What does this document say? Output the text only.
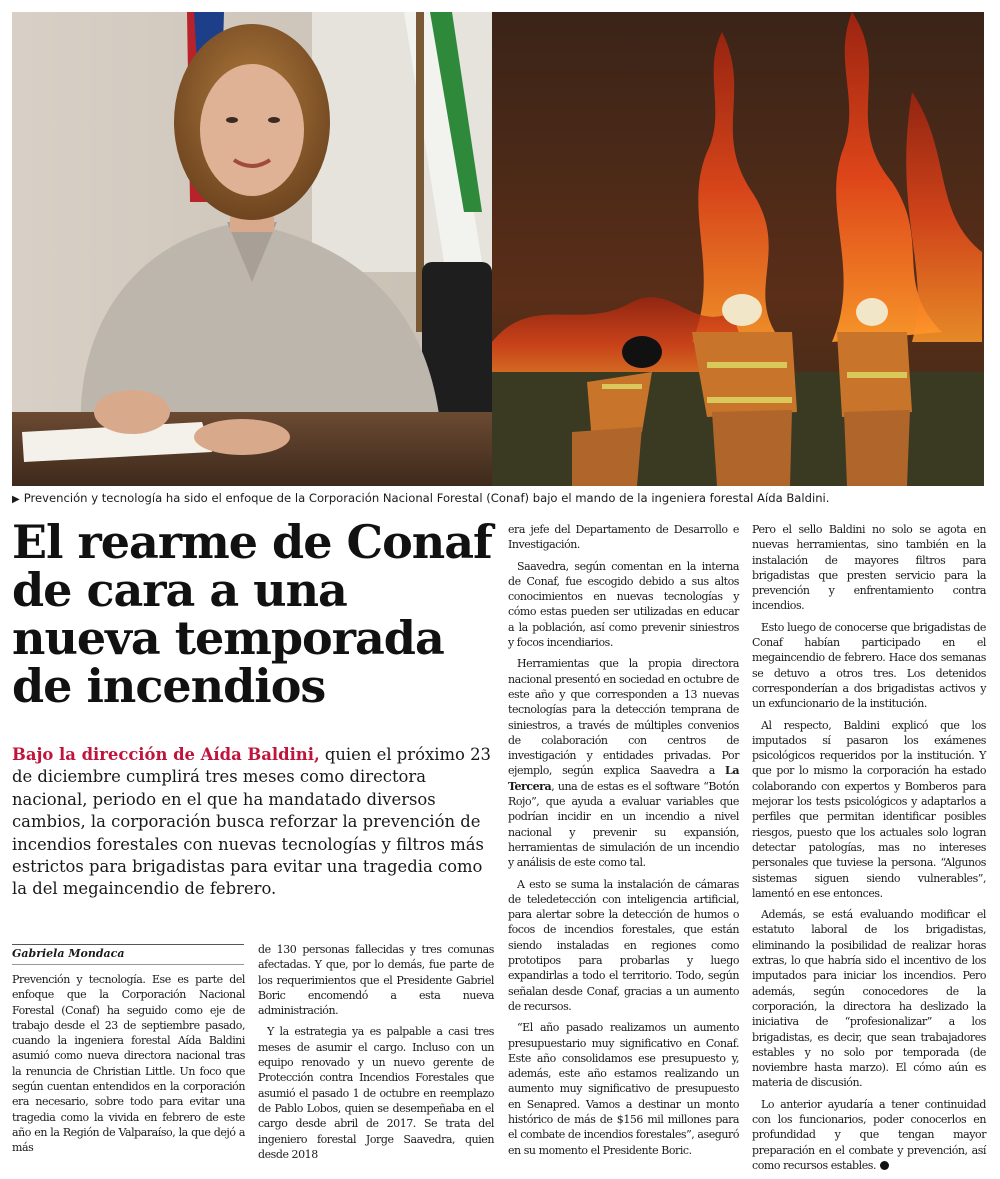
▶ Prevención y tecnología ha sido el enfoque de la Corporación Nacional Forestal (Conaf) bajo el mando de la ingeniera forestal Aída Baldini.
El rearme de Conaf
de cara a una
nueva temporada
de incendios

Bajo la dirección de Aída Baldini, quien el próximo 23 de diciembre cumplirá tres meses como directora nacional, periodo en el que ha mandatado diversos cambios, la corporación busca reforzar la prevención de incendios forestales con nuevas tecnologías y filtros más estrictos para brigadistas para evitar una tragedia como la del megaincendio de febrero.

Gabriela Mondaca

Prevención y tecnología. Ese es parte del enfoque que la Corporación Nacional Forestal (Conaf) ha seguido como eje de trabajo desde el 23 de septiembre pasado, cuando la ingeniera forestal Aída Baldini asumió como nueva directora nacional tras la renuncia de Christian Little. Un foco que según cuentan entendidos en la corporación era necesario, sobre todo para evitar una tragedia como la vivida en febrero de este año en la Región de Valparaíso, la que dejó a más

de 130 personas fallecidas y tres comunas afectadas. Y que, por lo demás, fue parte de los requerimientos que el Presidente Gabriel Boric encomendó a esta nueva administración.

Y la estrategia ya es palpable a casi tres meses de asumir el cargo. Incluso con un equipo renovado y un nuevo gerente de Protección contra Incendios Forestales que asumió el pasado 1 de octubre en reemplazo de Pablo Lobos, quien se desempeñaba en el cargo desde abril de 2017. Se trata del ingeniero forestal Jorge Saavedra, quien desde 2018

era jefe del Departamento de Desarrollo e Investigación.

Saavedra, según comentan en la interna de Conaf, fue escogido debido a sus altos conocimientos en nuevas tecnologías y cómo estas pueden ser utilizadas en educar a la población, así como prevenir siniestros y focos incendiarios.

Herramientas que la propia directora nacional presentó en sociedad en octubre de este año y que corresponden a 13 nuevas tecnologías para la detección temprana de siniestros, a través de múltiples convenios de colaboración con centros de investigación y entidades privadas. Por ejemplo, según explica Saavedra a La Tercera, una de estas es el software “Botón Rojo”, que ayuda a evaluar variables que podrían incidir en un incendio a nivel nacional y prevenir su expansión, herramientas de simulación de un incendio y análisis de este como tal.

A esto se suma la instalación de cámaras de teledetección con inteligencia artificial, para alertar sobre la detección de humos o focos de incendios forestales, que están siendo instaladas en regiones como prototipos para probarlas y luego expandirlas a todo el territorio. Todo, según señalan desde Conaf, gracias a un aumento de recursos.

“El año pasado realizamos un aumento presupuestario muy significativo en Conaf. Este año consolidamos ese presupuesto y, además, este año estamos realizando un aumento muy significativo de presupuesto en Senapred. Vamos a destinar un monto histórico de más de $156 mil millones para el combate de incendios forestales”, aseguró en su momento el Presidente Boric.

Pero el sello Baldini no solo se agota en nuevas herramientas, sino también en la instalación de mayores filtros para brigadistas que presten servicio para la prevención y enfrentamiento contra incendios.

Esto luego de conocerse que brigadistas de Conaf habían participado en el megaincendio de febrero. Hace dos semanas se detuvo a otros tres. Los detenidos corresponderían a dos brigadistas activos y un exfuncionario de la institución.

Al respecto, Baldini explicó que los imputados sí pasaron los exámenes psicológicos requeridos por la institución. Y que por lo mismo la corporación ha estado colaborando con expertos y Bomberos para mejorar los tests psicológicos y adaptarlos a perfiles que permitan identificar posibles riesgos, puesto que los actuales solo logran detectar patologías, mas no intereses personales que tuviese la persona. “Algunos sistemas siguen siendo vulnerables”, lamentó en ese entonces.

Además, se está evaluando modificar el estatuto laboral de los brigadistas, eliminando la posibilidad de realizar horas extras, lo que habría sido el incentivo de los imputados para iniciar los incendios. Pero además, según conocedores de la corporación, la directora ha deslizado la iniciativa de “profesionalizar” a los brigadistas, es decir, que sean trabajadores estables y no solo por temporada (de noviembre hasta marzo). El cómo aún es materia de discusión.

Lo anterior ayudaría a tener continuidad con los funcionarios, poder conocerlos en profundidad y que tengan mayor preparación en el combate y prevención, así como recursos estables.
